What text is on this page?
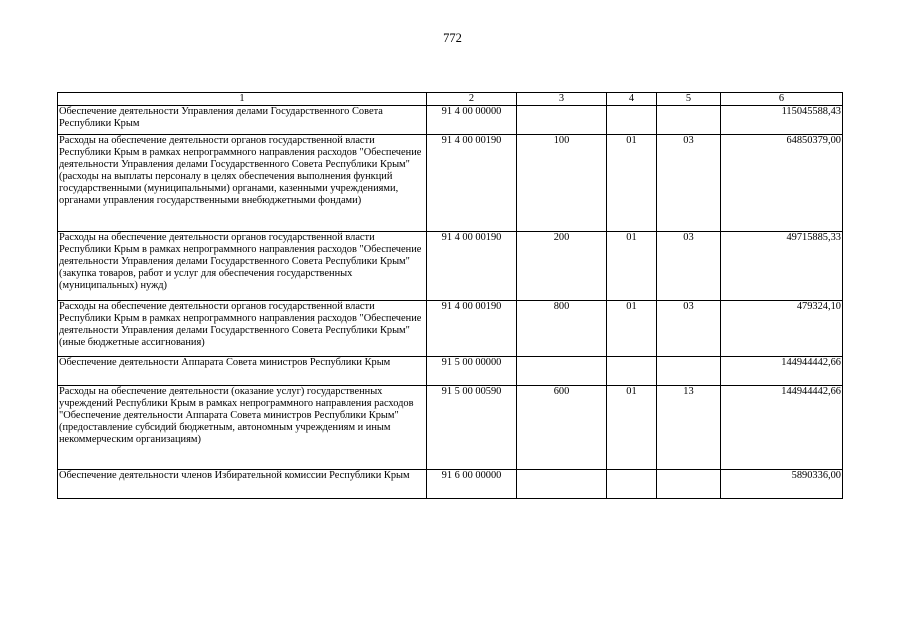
772
1	2	3	4	5	6
Обеспечение деятельности Управления делами Государственного Совета Республики Крым	91 4 00 00000				115045588,43
Расходы на обеспечение деятельности органов государственной власти Республики Крым в рамках непрограммного направления расходов "Обеспечение деятельности Управления делами Государственного Совета Республики Крым" (расходы на выплаты персоналу в целях обеспечения выполнения функций государственными (муниципальными) органами, казенными учреждениями, органами управления государственными внебюджетными фондами)	91 4 00 00190	100	01	03	64850379,00
Расходы на обеспечение деятельности органов государственной власти Республики Крым в рамках непрограммного направления расходов "Обеспечение деятельности Управления делами Государственного Совета Республики Крым" (закупка товаров, работ и услуг для обеспечения государственных (муниципальных) нужд)	91 4 00 00190	200	01	03	49715885,33
Расходы на обеспечение деятельности органов государственной власти Республики Крым в рамках непрограммного направления расходов "Обеспечение деятельности Управления делами Государственного Совета Республики Крым" (иные бюджетные ассигнования)	91 4 00 00190	800	01	03	479324,10
Обеспечение деятельности Аппарата Совета министров Республики Крым	91 5 00 00000				144944442,66
Расходы на обеспечение деятельности (оказание услуг) государственных учреждений Республики Крым в рамках непрограммного направления расходов "Обеспечение деятельности Аппарата Совета министров Республики Крым" (предоставление субсидий бюджетным, автономным учреждениям и иным некоммерческим организациям)	91 5 00 00590	600	01	13	144944442,66
Обеспечение деятельности членов Избирательной комиссии Республики Крым	91 6 00 00000				5890336,00
